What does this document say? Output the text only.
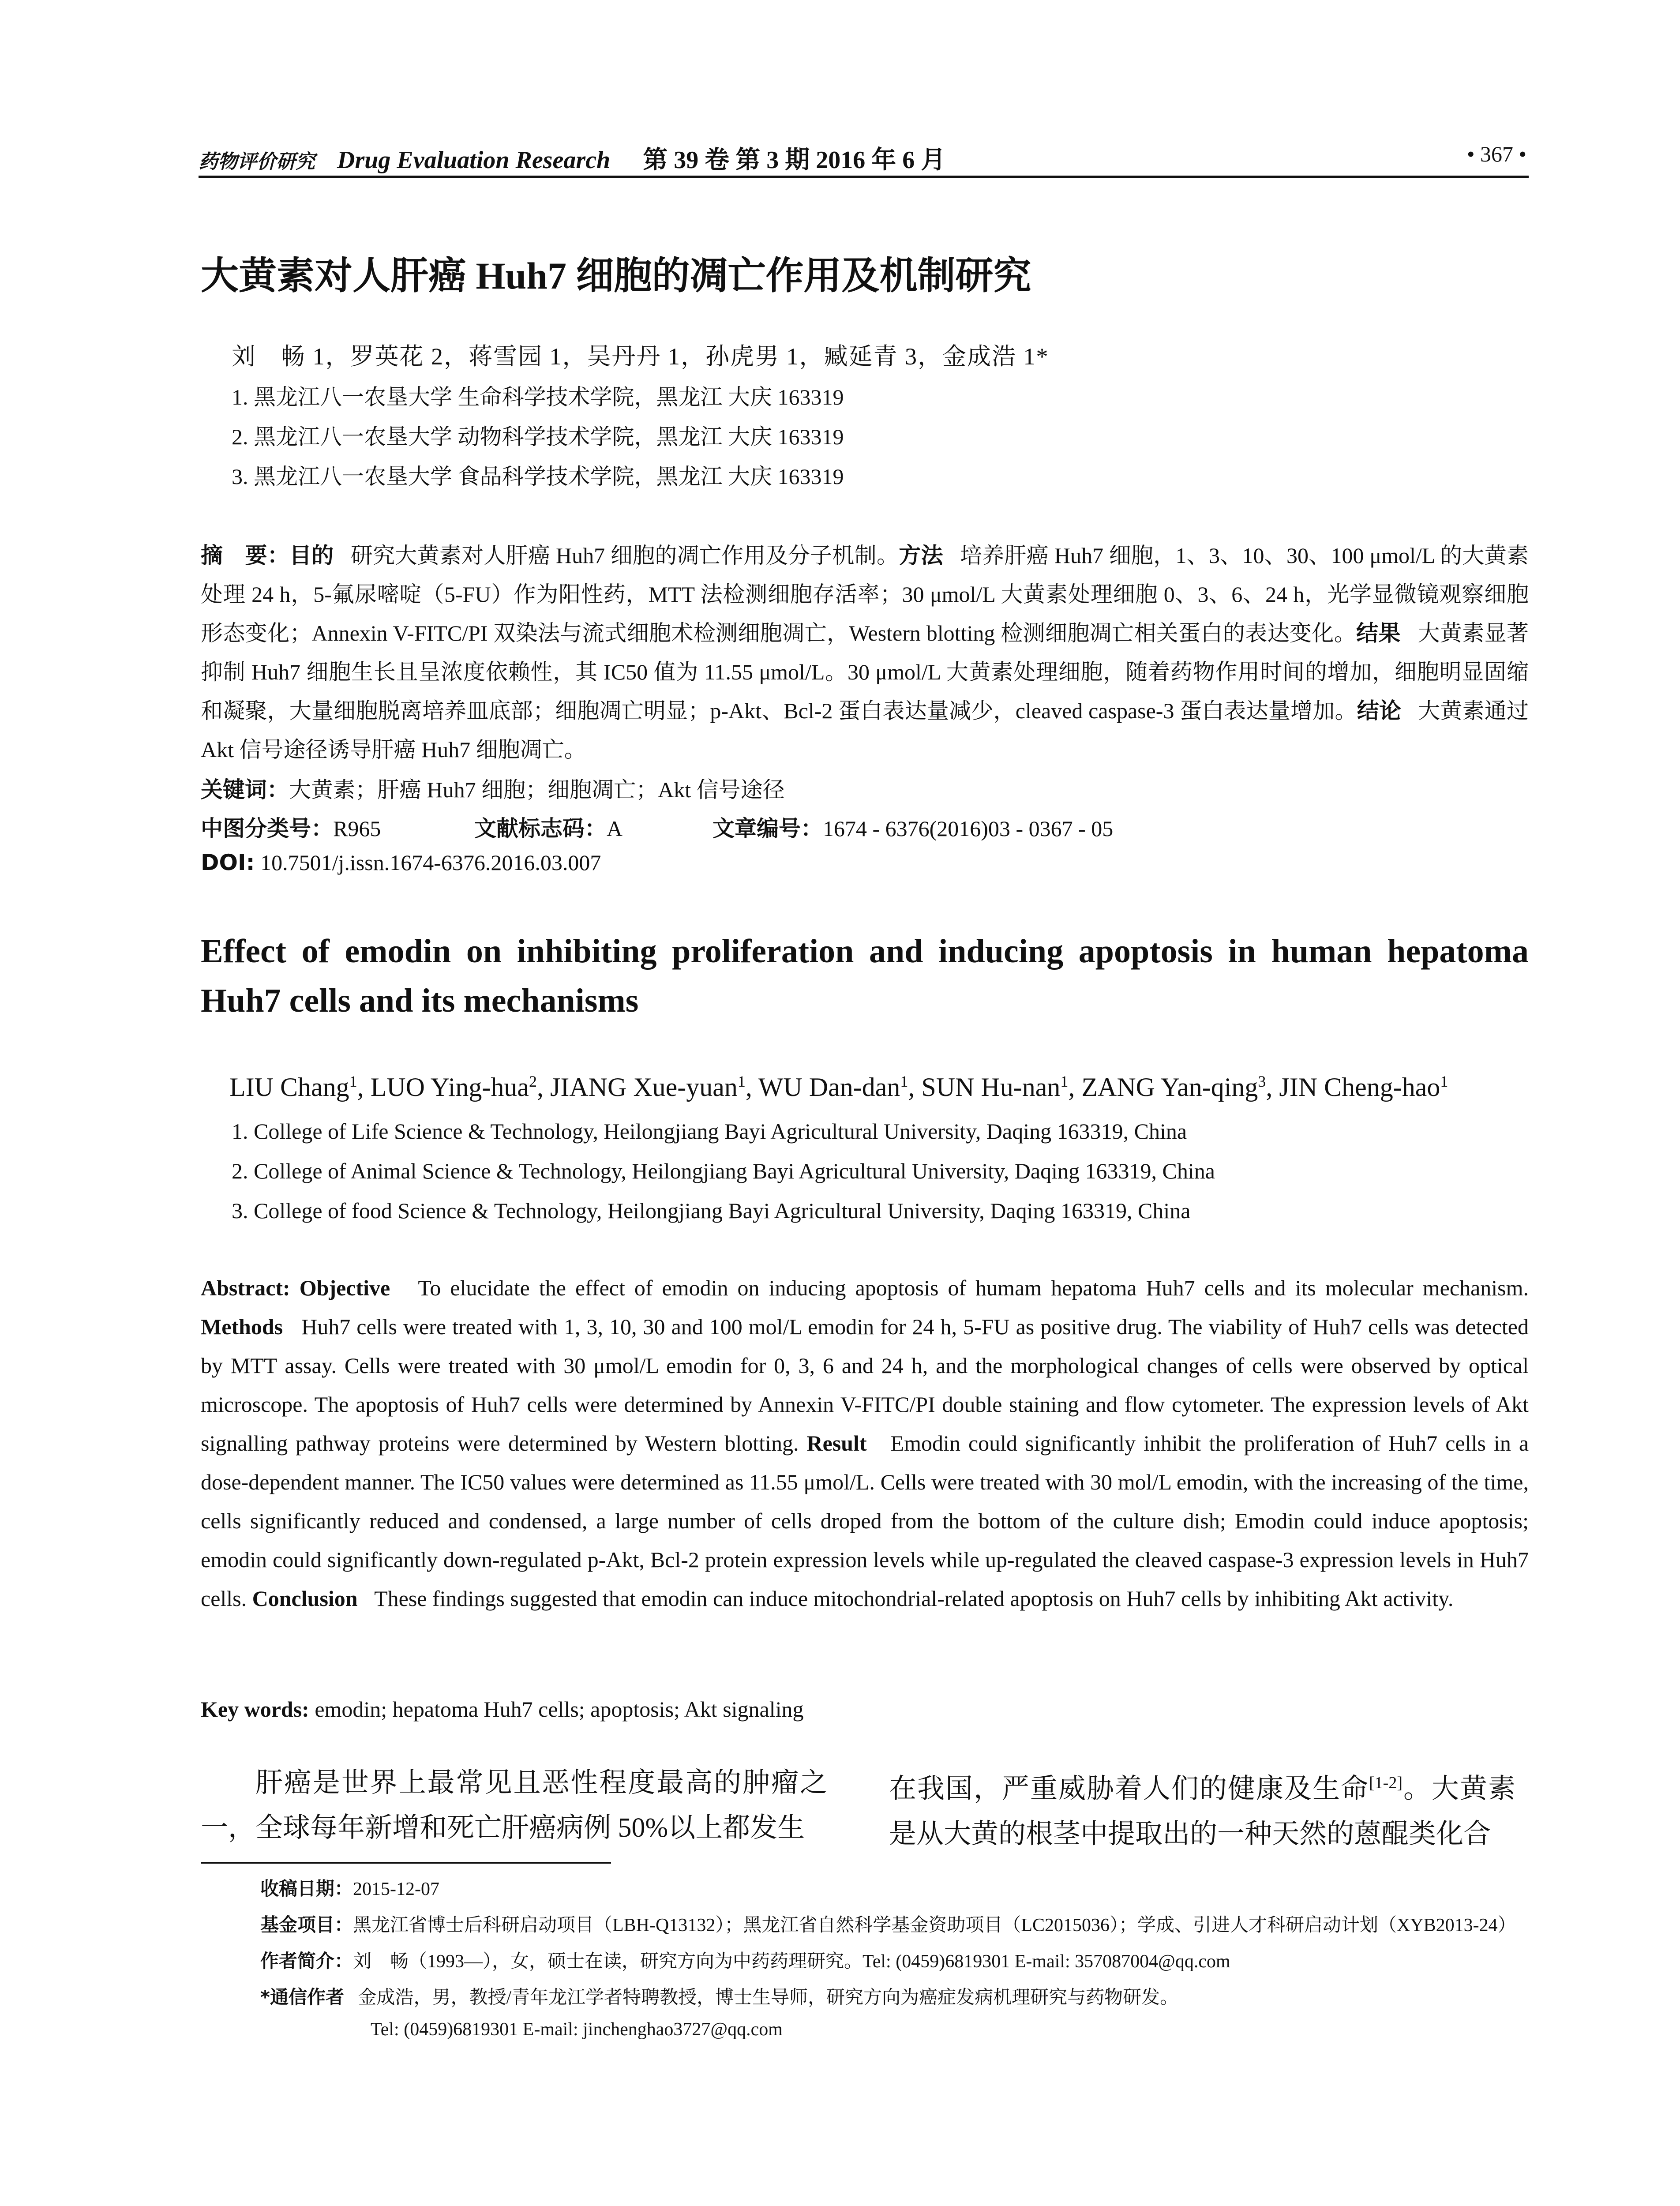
药物评价研究 Drug Evaluation Research 第 39 卷 第 3 期 2016 年 6 月	• 367 •
大黄素对人肝癌 Huh7 细胞的凋亡作用及机制研究
刘　畅 1，罗英花 2，蒋雪园 1，吴丹丹 1，孙虎男 1，臧延青 3，金成浩 1*
1. 黑龙江八一农垦大学 生命科学技术学院，黑龙江 大庆 163319
2. 黑龙江八一农垦大学 动物科学技术学院，黑龙江 大庆 163319
3. 黑龙江八一农垦大学 食品科学技术学院，黑龙江 大庆 163319
摘　要：目的 研究大黄素对人肝癌 Huh7 细胞的凋亡作用及分子机制。方法 培养肝癌 Huh7 细胞，1、3、10、30、100 μmol/L 的大黄素处理 24 h，5-氟尿嘧啶（5-FU）作为阳性药，MTT 法检测细胞存活率；30 μmol/L 大黄素处理细胞 0、3、6、24 h，光学显微镜观察细胞形态变化；Annexin V-FITC/PI 双染法与流式细胞术检测细胞凋亡，Western blotting 检测细胞凋亡相关蛋白的表达变化。结果 大黄素显著抑制 Huh7 细胞生长且呈浓度依赖性，其 IC50 值为 11.55 μmol/L。30 μmol/L 大黄素处理细胞，随着药物作用时间的增加，细胞明显固缩和凝聚，大量细胞脱离培养皿底部；细胞凋亡明显；p-Akt、Bcl-2 蛋白表达量减少，cleaved caspase-3 蛋白表达量增加。结论 大黄素通过 Akt 信号途径诱导肝癌 Huh7 细胞凋亡。
关键词：大黄素；肝癌 Huh7 细胞；细胞凋亡；Akt 信号途径
中图分类号：R965	文献标志码：A	文章编号：1674 - 6376(2016)03 - 0367 - 05
DOI: 10.7501/j.issn.1674-6376.2016.03.007
Effect of emodin on inhibiting proliferation and inducing apoptosis in human hepatoma Huh7 cells and its mechanisms
LIU Chang$^1$, LUO Ying-hua$^2$, JIANG Xue-yuan$^1$, WU Dan-dan$^1$, SUN Hu-nan$^1$, ZANG Yan-qing$^3$, JIN Cheng-hao$^1$
1. College of Life Science & Technology, Heilongjiang Bayi Agricultural University, Daqing 163319, China
2. College of Animal Science & Technology, Heilongjiang Bayi Agricultural University, Daqing 163319, China
3. College of food Science & Technology, Heilongjiang Bayi Agricultural University, Daqing 163319, China
Abstract: Objective To elucidate the effect of emodin on inducing apoptosis of humam hepatoma Huh7 cells and its molecular mechanism. Methods Huh7 cells were treated with 1, 3, 10, 30 and 100 mol/L emodin for 24 h, 5-FU as positive drug. The viability of Huh7 cells was detected by MTT assay. Cells were treated with 30 μmol/L emodin for 0, 3, 6 and 24 h, and the morphological changes of cells were observed by optical microscope. The apoptosis of Huh7 cells were determined by Annexin V-FITC/PI double staining and flow cytometer. The expression levels of Akt signalling pathway proteins were determined by Western blotting. Result Emodin could significantly inhibit the proliferation of Huh7 cells in a dose-dependent manner. The IC50 values were determined as 11.55 μmol/L. Cells were treated with 30 mol/L emodin, with the increasing of the time, cells significantly reduced and condensed, a large number of cells droped from the bottom of the culture dish; Emodin could induce apoptosis; emodin could significantly down-regulated p-Akt, Bcl-2 protein expression levels while up-regulated the cleaved caspase-3 expression levels in Huh7 cells. Conclusion These findings suggested that emodin can induce mitochondrial-related apoptosis on Huh7 cells by inhibiting Akt activity.
Key words: emodin; hepatoma Huh7 cells; apoptosis; Akt signaling
肝癌是世界上最常见且恶性程度最高的肿瘤之一，全球每年新增和死亡肝癌病例 50%以上都发生
在我国，严重威胁着人们的健康及生命[1-2]。大黄素是从大黄的根茎中提取出的一种天然的蒽醌类化合
收稿日期：2015-12-07
基金项目：黑龙江省博士后科研启动项目（LBH-Q13132）；黑龙江省自然科学基金资助项目（LC2015036）；学成、引进人才科研启动计划（XYB2013-24）
作者简介：刘　畅（1993—），女，硕士在读，研究方向为中药药理研究。Tel: (0459)6819301 E-mail: 357087004@qq.com
*通信作者 金成浩，男，教授/青年龙江学者特聘教授，博士生导师，研究方向为癌症发病机理研究与药物研发。
Tel: (0459)6819301 E-mail: jinchenghao3727@qq.com
